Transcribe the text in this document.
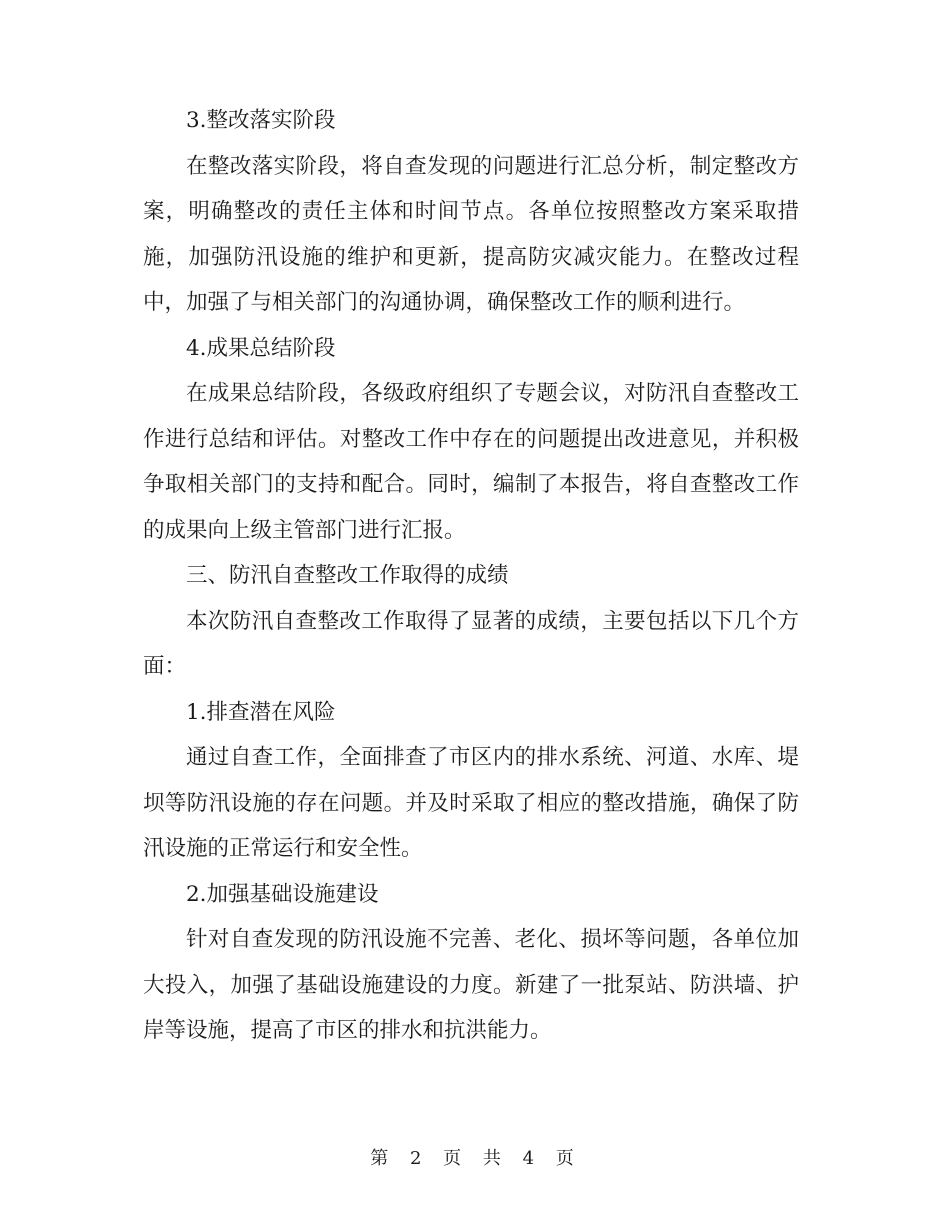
3.整改落实阶段

在整改落实阶段，将自查发现的问题进行汇总分析，制定整改方案，明确整改的责任主体和时间节点。各单位按照整改方案采取措施，加强防汛设施的维护和更新，提高防灾减灾能力。在整改过程中，加强了与相关部门的沟通协调，确保整改工作的顺利进行。

4.成果总结阶段

在成果总结阶段，各级政府组织了专题会议，对防汛自查整改工作进行总结和评估。对整改工作中存在的问题提出改进意见，并积极争取相关部门的支持和配合。同时，编制了本报告，将自查整改工作的成果向上级主管部门进行汇报。

三、防汛自查整改工作取得的成绩

本次防汛自查整改工作取得了显著的成绩，主要包括以下几个方面：

1.排查潜在风险

通过自查工作，全面排查了市区内的排水系统、河道、水库、堤坝等防汛设施的存在问题。并及时采取了相应的整改措施，确保了防汛设施的正常运行和安全性。

2.加强基础设施建设

针对自查发现的防汛设施不完善、老化、损坏等问题，各单位加大投入，加强了基础设施建设的力度。新建了一批泵站、防洪墙、护岸等设施，提高了市区的排水和抗洪能力。

第 2 页 共 4 页
